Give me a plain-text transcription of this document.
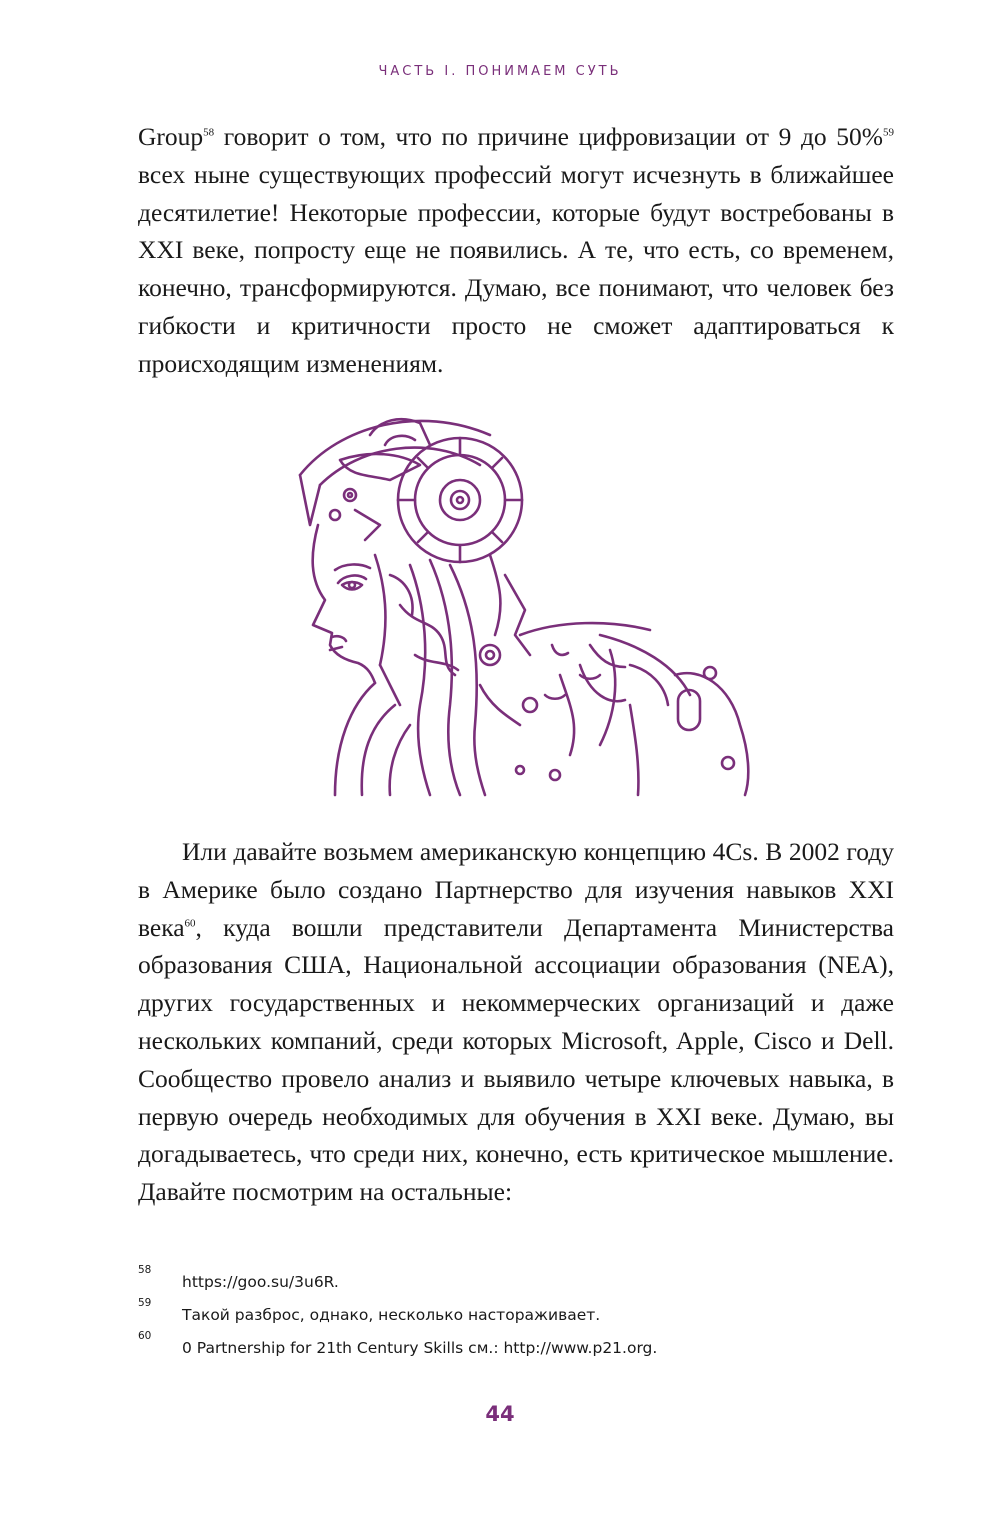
ЧАСТЬ I. ПОНИМАЕМ СУТЬ

Group$^{58}$ говорит о том, что по причине цифровизации от 9 до 50%$^{59}$ всех ныне существующих профессий могут исчезнуть в ближайшее десятилетие! Некоторые профессии, которые будут востребованы в XXI веке, попросту еще не появились. А те, что есть, со временем, конечно, трансформируются. Думаю, все понимают, что человек без гибкости и критичности просто не сможет адаптироваться к происходящим изменениям.

Или давайте возьмем американскую концепцию 4Cs. В 2002 году в Америке было создано Партнерство для изучения навыков XXI века$^{60}$, куда вошли представители Департамента Министерства образования США, Национальной ассоциации образования (NEA), других государственных и некоммерческих организаций и даже нескольких компаний, среди которых Microsoft, Apple, Cisco и Dell. Сообщество провело анализ и выявило четыре ключевых навыка, в первую очередь необходимых для обучения в XXI веке. Думаю, вы догадываетесь, что среди них, конечно, есть критическое мышление. Давайте посмотрим на остальные:

58
https://goo.su/3u6R.
59
Такой разброс, однако, несколько настораживает.
60
0 Partnership for 21th Century Skills см.: http://www.p21.org.
44
